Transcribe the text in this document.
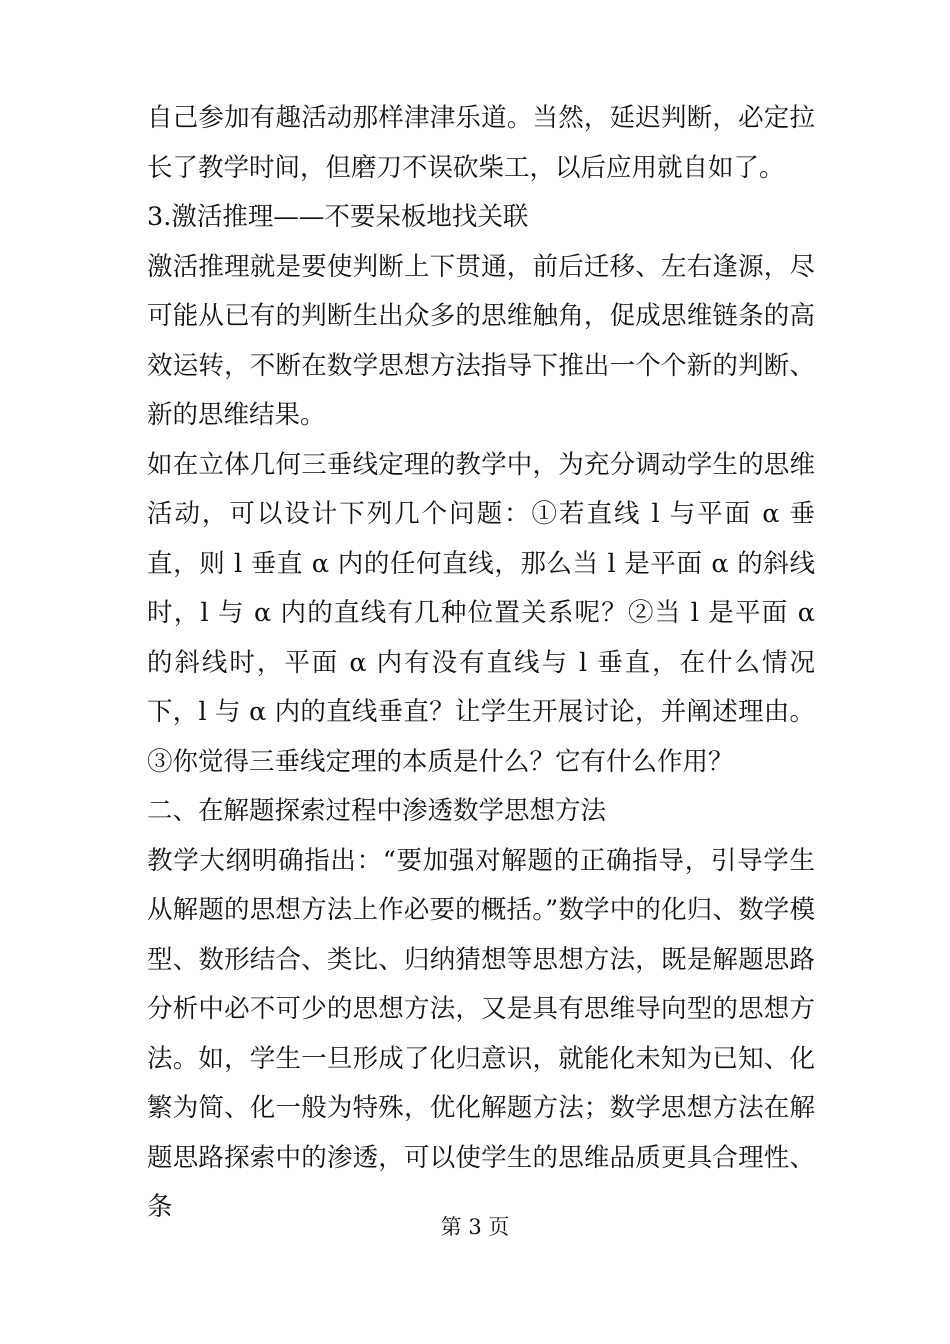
自己参加有趣活动那样津津乐道。当然，延迟判断，必定拉长了教学时间，但磨刀不误砍柴工，以后应用就自如了。

3.激活推理——不要呆板地找关联

激活推理就是要使判断上下贯通，前后迁移、左右逢源，尽可能从已有的判断生出众多的思维触角，促成思维链条的高效运转，不断在数学思想方法指导下推出一个个新的判断、新的思维结果。

如在立体几何三垂线定理的教学中，为充分调动学生的思维活动，可以设计下列几个问题：①若直线 l 与平面 α 垂直，则 l 垂直 α 内的任何直线，那么当 l 是平面 α 的斜线时，l 与 α 内的直线有几种位置关系呢？②当 l 是平面 α 的斜线时，平面 α 内有没有直线与 l 垂直，在什么情况下，l 与 α 内的直线垂直？让学生开展讨论，并阐述理由。③你觉得三垂线定理的本质是什么？它有什么作用？

二、在解题探索过程中渗透数学思想方法

教学大纲明确指出：“要加强对解题的正确指导，引导学生从解题的思想方法上作必要的概括。”数学中的化归、数学模型、数形结合、类比、归纳猜想等思想方法，既是解题思路分析中必不可少的思想方法，又是具有思维导向型的思想方法。如，学生一旦形成了化归意识，就能化未知为已知、化繁为简、化一般为特殊，优化解题方法；数学思想方法在解题思路探索中的渗透，可以使学生的思维品质更具合理性、条

第 3 页
